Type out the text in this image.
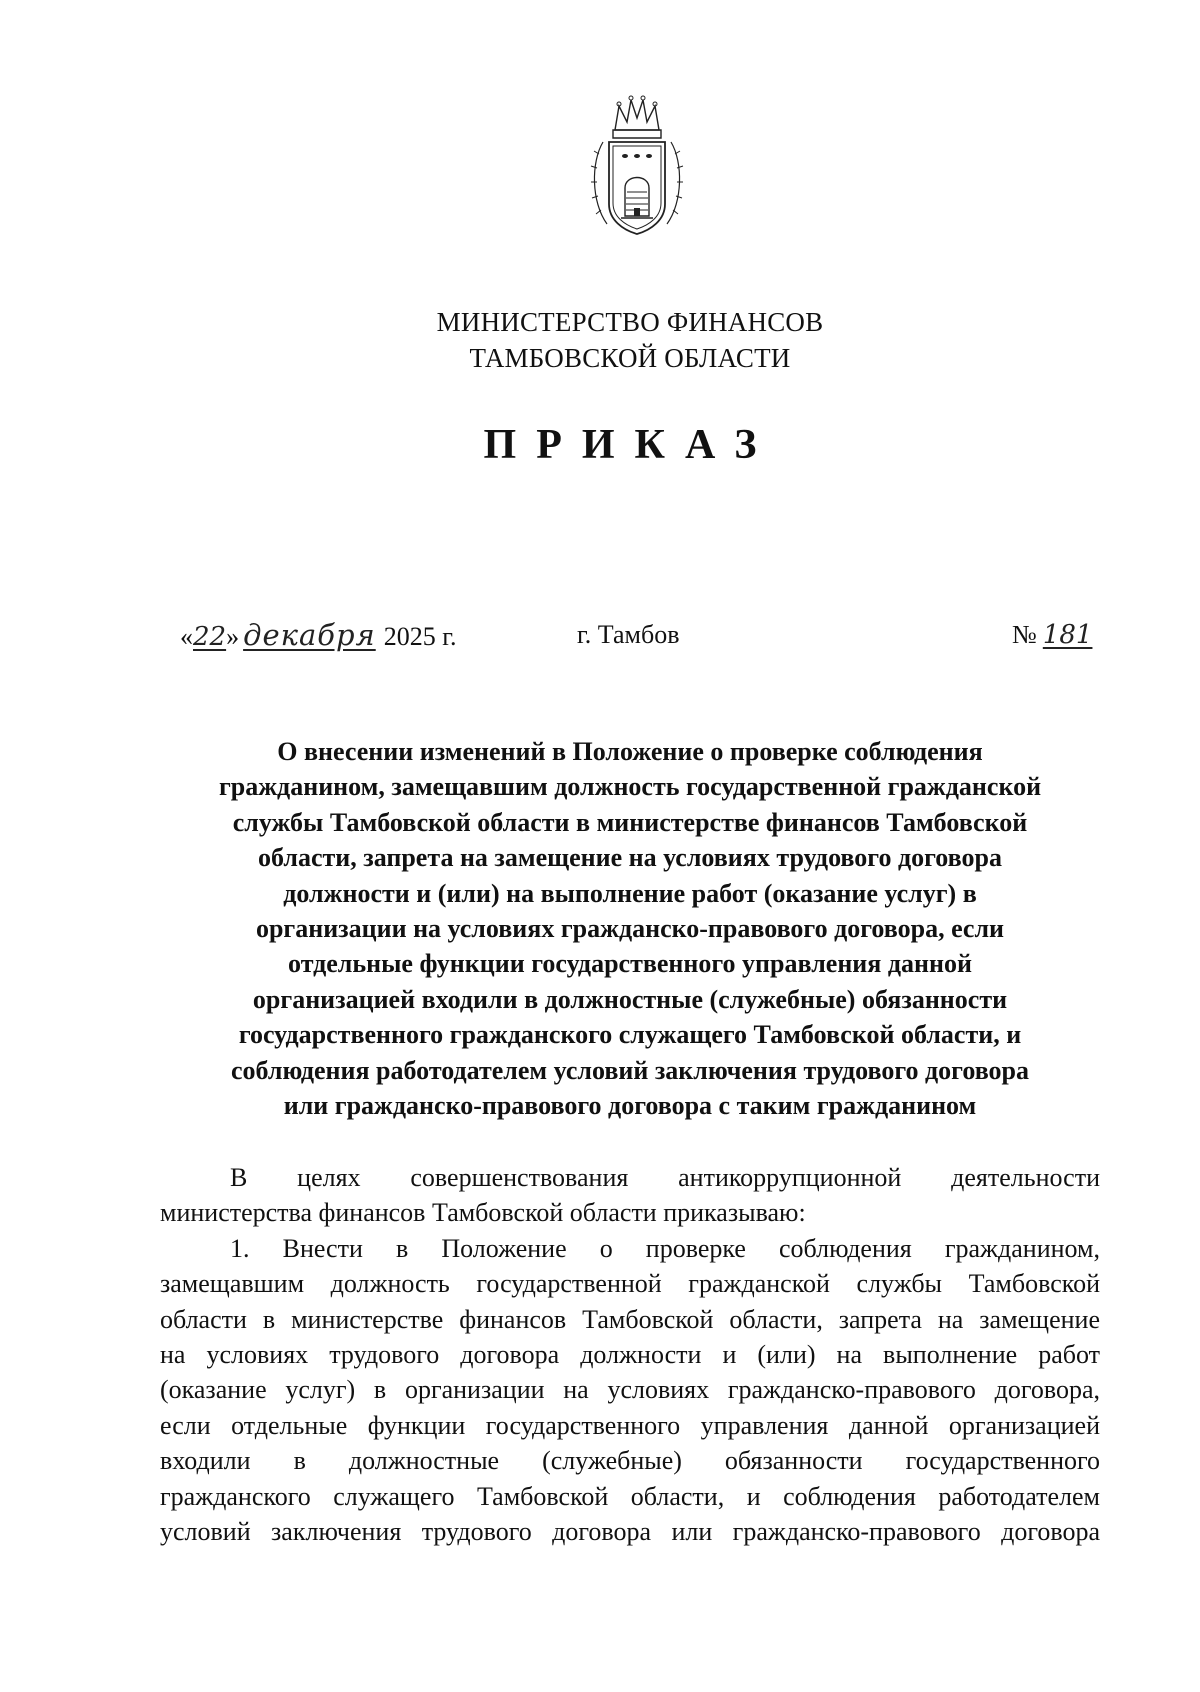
МИНИСТЕРСТВО ФИНАНСОВ
ТАМБОВСКОЙ ОБЛАСТИ
ПРИКАЗ
«22» декабря 2025 г.	г. Тамбов	№ 181
О внесении изменений в Положение о проверке соблюдения
гражданином, замещавшим должность государственной гражданской
службы Тамбовской области в министерстве финансов Тамбовской
области, запрета на замещение на условиях трудового договора
должности и (или) на выполнение работ (оказание услуг) в
организации на условиях гражданско-правового договора, если
отдельные функции государственного управления данной
организацией входили в должностные (служебные) обязанности
государственного гражданского служащего Тамбовской области, и
соблюдения работодателем условий заключения трудового договора
или гражданско-правового договора с таким гражданином
В целях совершенствования антикоррупционной деятельности
министерства финансов Тамбовской области приказываю:
1. Внести в Положение о проверке соблюдения гражданином,
замещавшим должность государственной гражданской службы Тамбовской
области в министерстве финансов Тамбовской области, запрета на замещение
на условиях трудового договора должности и (или) на выполнение работ
(оказание услуг) в организации на условиях гражданско-правового договора,
если отдельные функции государственного управления данной организацией
входили в должностные (служебные) обязанности государственного
гражданского служащего Тамбовской области, и соблюдения работодателем
условий заключения трудового договора или гражданско-правового договора
